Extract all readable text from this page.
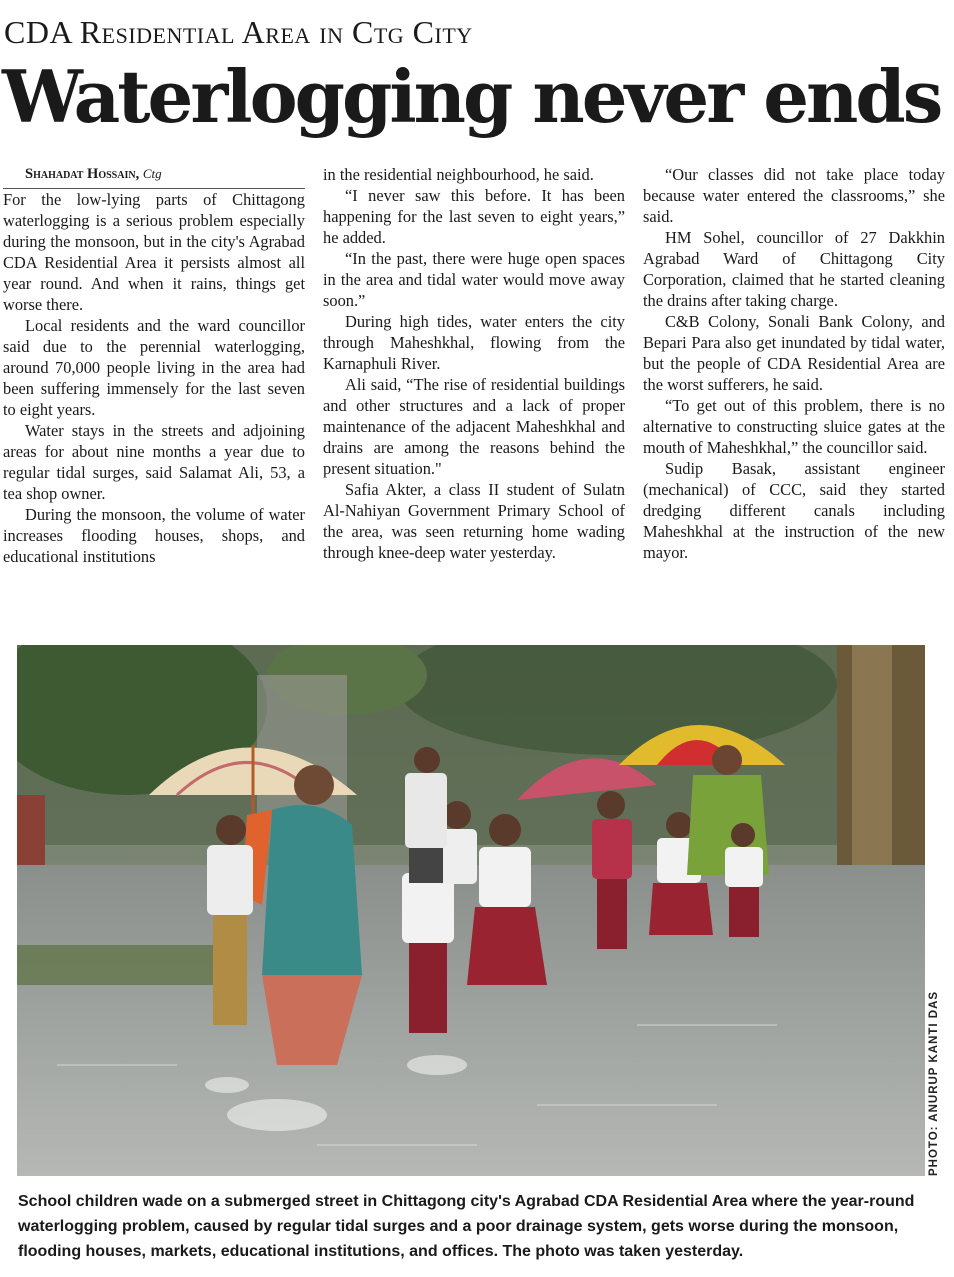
CDA Residential Area in Ctg City
Waterlogging never ends

Shahadat Hossain, Ctg

For the low-lying parts of Chittagong waterlogging is a serious problem especially during the monsoon, but in the city's Agrabad CDA Residential Area it persists almost all year round. And when it rains, things get worse there.

Local residents and the ward councillor said due to the perennial waterlogging, around 70,000 people living in the area had been suffering immensely for the last seven to eight years.

Water stays in the streets and adjoining areas for about nine months a year due to regular tidal surges, said Salamat Ali, 53, a tea shop owner.

During the monsoon, the volume of water increases flooding houses, shops, and educational institutions

in the residential neighbourhood, he said.

“I never saw this before. It has been happening for the last seven to eight years,” he added.

“In the past, there were huge open spaces in the area and tidal water would move away soon.”

During high tides, water enters the city through Maheshkhal, flowing from the Karnaphuli River.

Ali said, “The rise of residential buildings and other structures and a lack of proper maintenance of the adjacent Maheshkhal and drains are among the reasons behind the present situation."

Safia Akter, a class II student of Sulatn Al-Nahiyan Government Primary School of the area, was seen returning home wading through knee-deep water yesterday.

“Our classes did not take place today because water entered the classrooms,” she said.

HM Sohel, councillor of 27 Dakkhin Agrabad Ward of Chittagong City Corporation, claimed that he started cleaning the drains after taking charge.

C&B Colony, Sonali Bank Colony, and Bepari Para also get inundated by tidal water, but the people of CDA Residential Area are the worst sufferers, he said.

“To get out of this problem, there is no alternative to constructing sluice gates at the mouth of Maheshkhal,” the councillor said.

Sudip Basak, assistant engineer (mechanical) of CCC, said they started dredging different canals including Maheshkhal at the instruction of the new mayor.

PHOTO: ANURUP KANTI DAS
School children wade on a submerged street in Chittagong city's Agrabad CDA Residential Area where the year-round waterlogging problem, caused by regular tidal surges and a poor drainage system, gets worse during the monsoon, flooding houses, markets, educational institutions, and offices. The photo was taken yesterday.
